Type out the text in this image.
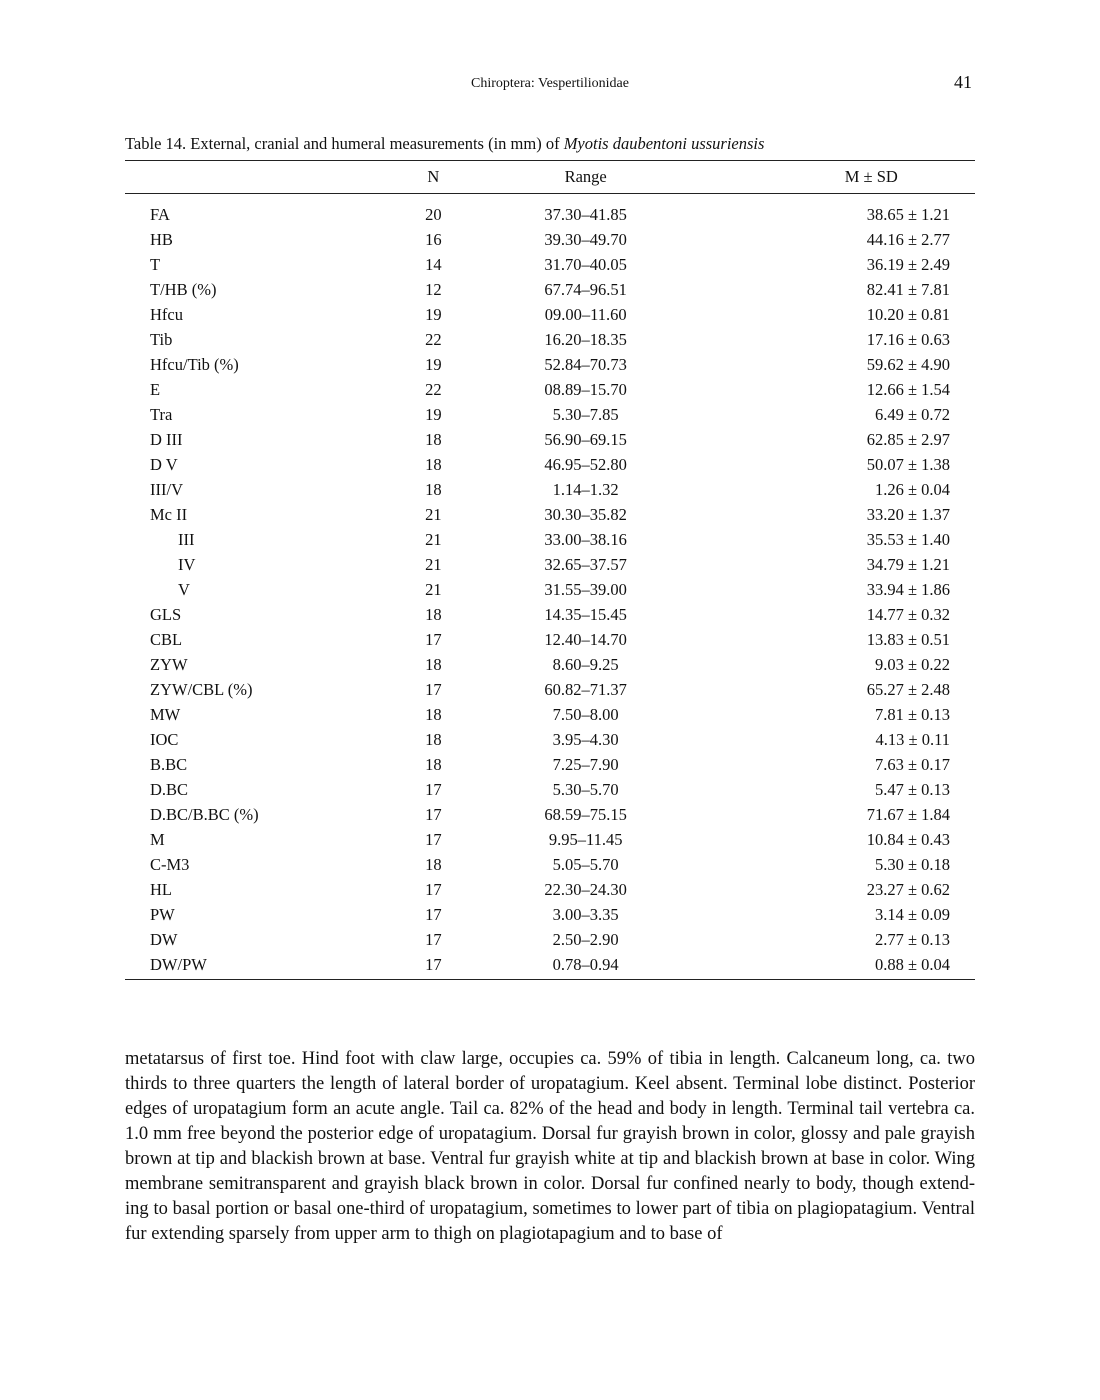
Chiroptera: Vespertilionidae	41
Table 14. External, cranial and humeral measurements (in mm) of Myotis daubentoni ussuriensis
	N	Range	M ± SD
FA	20	37.30–41.85	38.65 ± 1.21
HB	16	39.30–49.70	44.16 ± 2.77
T	14	31.70–40.05	36.19 ± 2.49
T/HB (%)	12	67.74–96.51	82.41 ± 7.81
Hfcu	19	09.00–11.60	10.20 ± 0.81
Tib	22	16.20–18.35	17.16 ± 0.63
Hfcu/Tib (%)	19	52.84–70.73	59.62 ± 4.90
E	22	08.89–15.70	12.66 ± 1.54
Tra	19	5.30–7.85	6.49 ± 0.72
D III	18	56.90–69.15	62.85 ± 2.97
D V	18	46.95–52.80	50.07 ± 1.38
III/V	18	1.14–1.32	1.26 ± 0.04
Mc II	21	30.30–35.82	33.20 ± 1.37
III	21	33.00–38.16	35.53 ± 1.40
IV	21	32.65–37.57	34.79 ± 1.21
V	21	31.55–39.00	33.94 ± 1.86
GLS	18	14.35–15.45	14.77 ± 0.32
CBL	17	12.40–14.70	13.83 ± 0.51
ZYW	18	8.60–9.25	9.03 ± 0.22
ZYW/CBL (%)	17	60.82–71.37	65.27 ± 2.48
MW	18	7.50–8.00	7.81 ± 0.13
IOC	18	3.95–4.30	4.13 ± 0.11
B.BC	18	7.25–7.90	7.63 ± 0.17
D.BC	17	5.30–5.70	5.47 ± 0.13
D.BC/B.BC (%)	17	68.59–75.15	71.67 ± 1.84
M	17	9.95–11.45	10.84 ± 0.43
C-M3	18	5.05–5.70	5.30 ± 0.18
HL	17	22.30–24.30	23.27 ± 0.62
PW	17	3.00–3.35	3.14 ± 0.09
DW	17	2.50–2.90	2.77 ± 0.13
DW/PW	17	0.78–0.94	0.88 ± 0.04
metatarsus of first toe. Hind foot with claw large, occupies ca. 59% of tibia in length. Calcaneum long, ca. two thirds to three quarters the length of lateral border of uropatagium. Keel absent. Terminal lobe distinct. Posterior edges of uropatagium form an acute angle. Tail ca. 82% of the head and body in length. Terminal tail vertebra ca. 1.0 mm free beyond the posterior edge of uropatagium. Dorsal fur grayish brown in color, glossy and pale grayish brown at tip and blackish brown at base. Ventral fur grayish white at tip and blackish brown at base in color. Wing membrane semitransparent and grayish black brown in color. Dorsal fur confined nearly to body, though extending to basal portion or basal one-third of uropatagium, sometimes to lower part of tibia on plagiopatagium. Ventral fur extending sparsely from upper arm to thigh on plagiotapagium and to base of
